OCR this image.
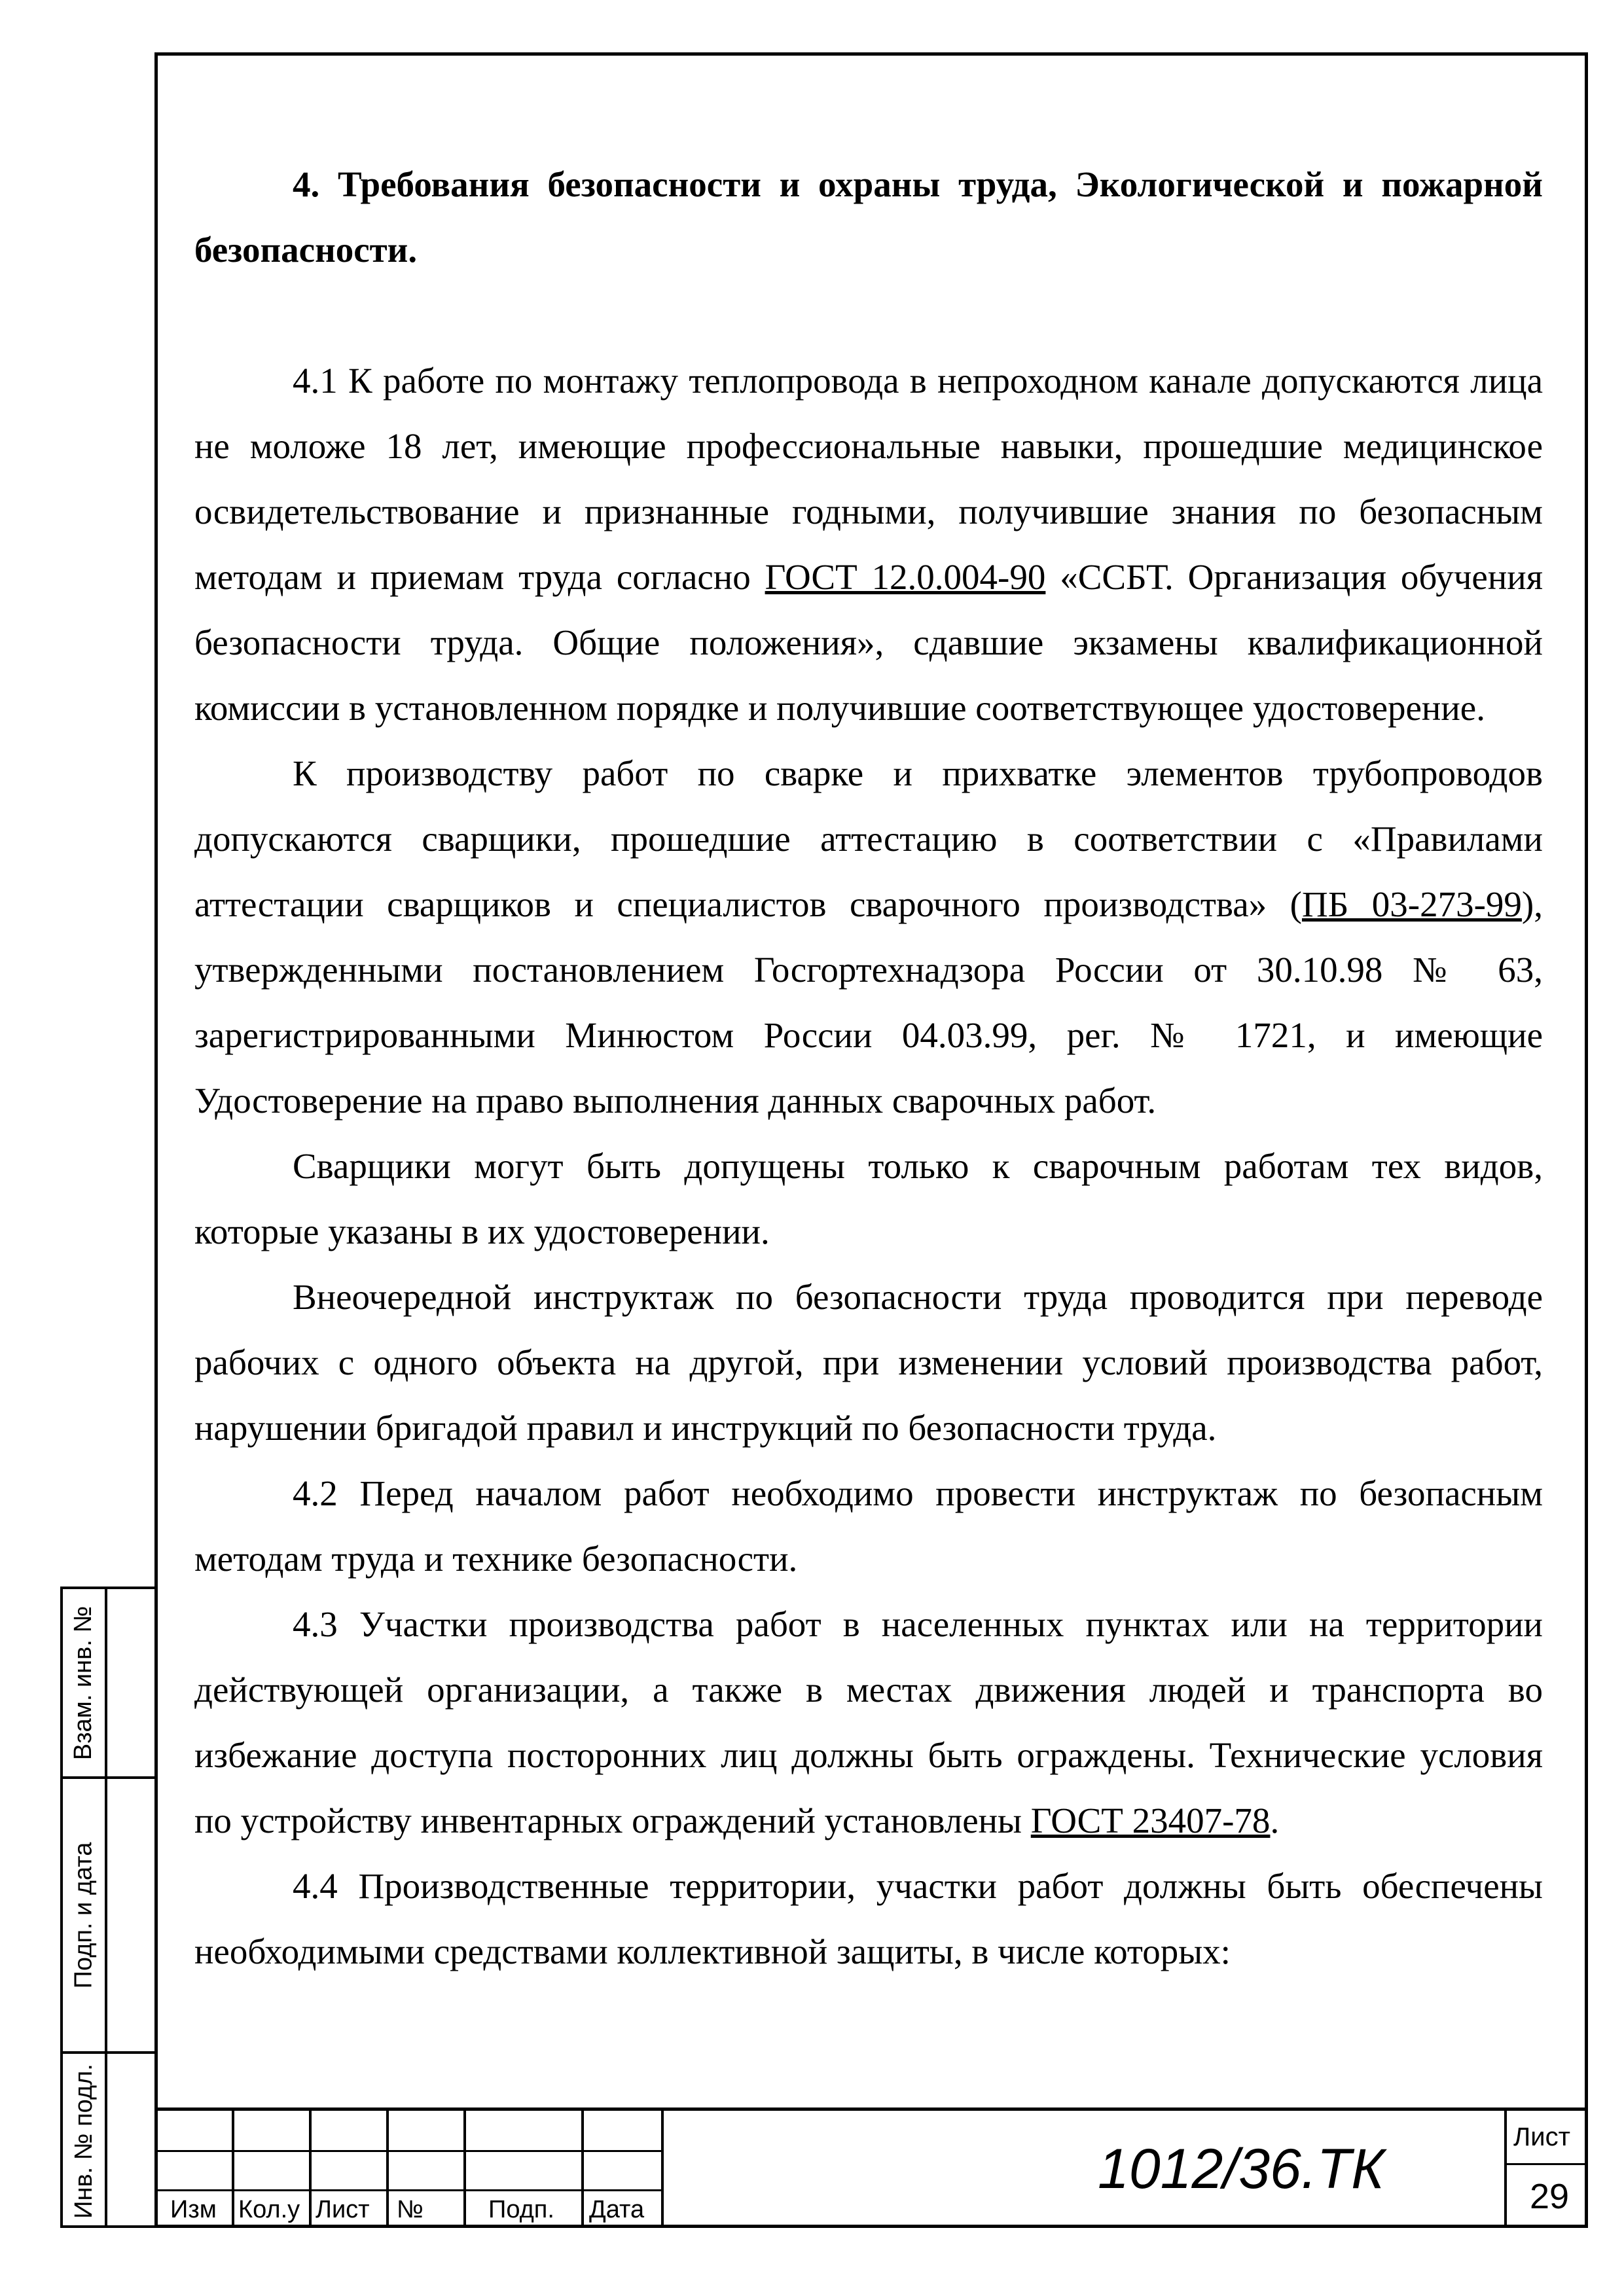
Взам. инв. №
Подп. и дата
Инв. № подл.
4. Требования безопасности и охраны труда, Экологической и пожарной безопасности.

4.1 К работе по монтажу теплопровода в непроходном канале допускаются лица не моложе 18 лет, имеющие профессиональные навыки, прошедшие медицинское освидетельствование и признанные годными, получившие знания по безопасным методам и приемам труда согласно ГОСТ 12.0.004-90 «ССБТ. Организация обучения безопасности труда. Общие положения», сдавшие экзамены квалификационной комиссии в установленном порядке и получившие соответствующее удостоверение.

К производству работ по сварке и прихватке элементов трубопроводов допускаются сварщики, прошедшие аттестацию в соответствии с «Правилами аттестации сварщиков и специалистов сварочного производства» (ПБ 03-273-99), утвержденными постановлением Госгортехнадзора России от 30.10.98 № 63, зарегистрированными Минюстом России 04.03.99, рег. № 1721, и имеющие Удостоверение на право выполнения данных сварочных работ.

Сварщики могут быть допущены только к сварочным работам тех видов, которые указаны в их удостоверении.

Внеочередной инструктаж по безопасности труда проводится при переводе рабочих с одного объекта на другой, при изменении условий производства работ, нарушении бригадой правил и инструкций по безопасности труда.

4.2 Перед началом работ необходимо провести инструктаж по безопасным методам труда и технике безопасности.

4.3 Участки производства работ в населенных пунктах или на территории действующей организации, а также в местах движения людей и транспорта во избежание доступа посторонних лиц должны быть ограждены. Технические условия по устройству инвентарных ограждений установлены ГОСТ 23407-78.

4.4 Производственные территории, участки работ должны быть обеспечены необходимыми средствами коллективной защиты, в числе которых:

Изм Кол.у Лист №	Подп. Дата
1012/36.ТК
Лист
29
